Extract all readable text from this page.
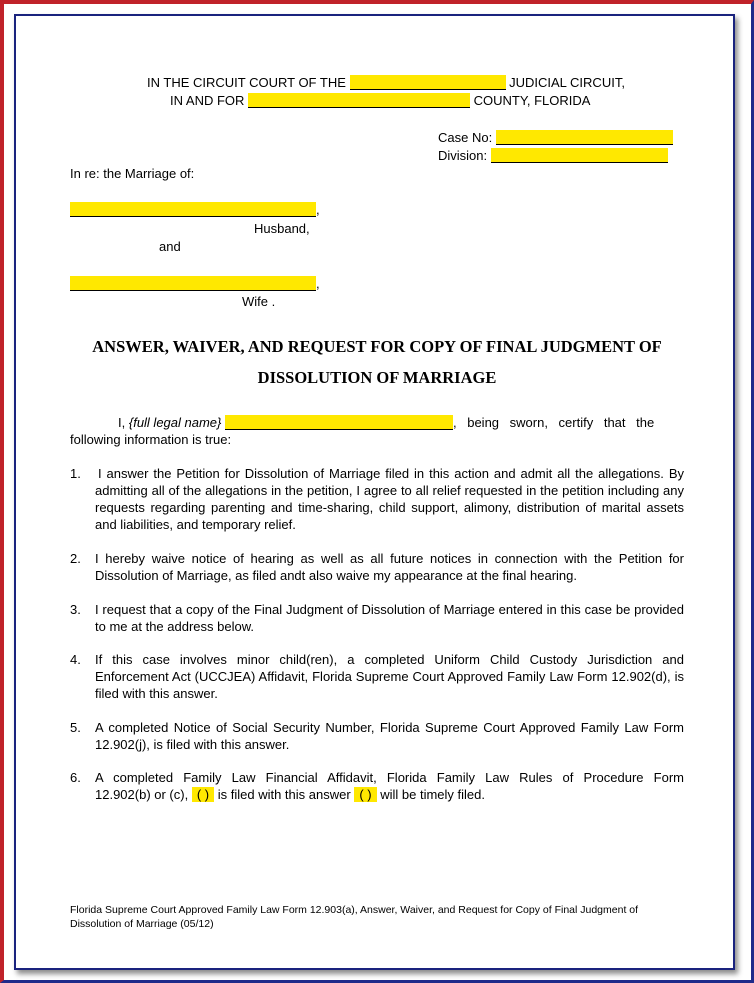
IN THE CIRCUIT COURT OF THE	JUDICIAL CIRCUIT,
IN AND FOR	COUNTY, FLORIDA
Case No:
Division:
In re: the Marriage of:
,
Husband,
and
,
Wife .
ANSWER, WAIVER, AND REQUEST FOR COPY OF FINAL JUDGMENT OF
DISSOLUTION OF MARRIAGE
I, {full legal name}	, being sworn, certify that the
following information is true:
1. I answer the Petition for Dissolution of Marriage filed in this action and admit all the allegations. By admitting all of the allegations in the petition, I agree to all relief requested in the petition including any requests regarding parenting and time-sharing, child support, alimony, distribution of marital assets and liabilities, and temporary relief.
2. I hereby waive notice of hearing as well as all future notices in connection with the Petition for Dissolution of Marriage, as filed andt also waive my appearance at the final hearing.
3. I request that a copy of the Final Judgment of Dissolution of Marriage entered in this case be provided to me at the address below.
4. If this case involves minor child(ren), a completed Uniform Child Custody Jurisdiction and Enforcement Act (UCCJEA) Affidavit, Florida Supreme Court Approved Family Law Form 12.902(d), is filed with this answer.
5. A completed Notice of Social Security Number, Florida Supreme Court Approved Family Law Form 12.902(j), is filed with this answer.
6. A completed Family Law Financial Affidavit, Florida Family Law Rules of Procedure Form
12.902(b) or (c), ( ) is filed with this answer ( ) will be timely filed.
Florida Supreme Court Approved Family Law Form 12.903(a), Answer, Waiver, and Request for Copy of Final Judgment of
Dissolution of Marriage (05/12)
